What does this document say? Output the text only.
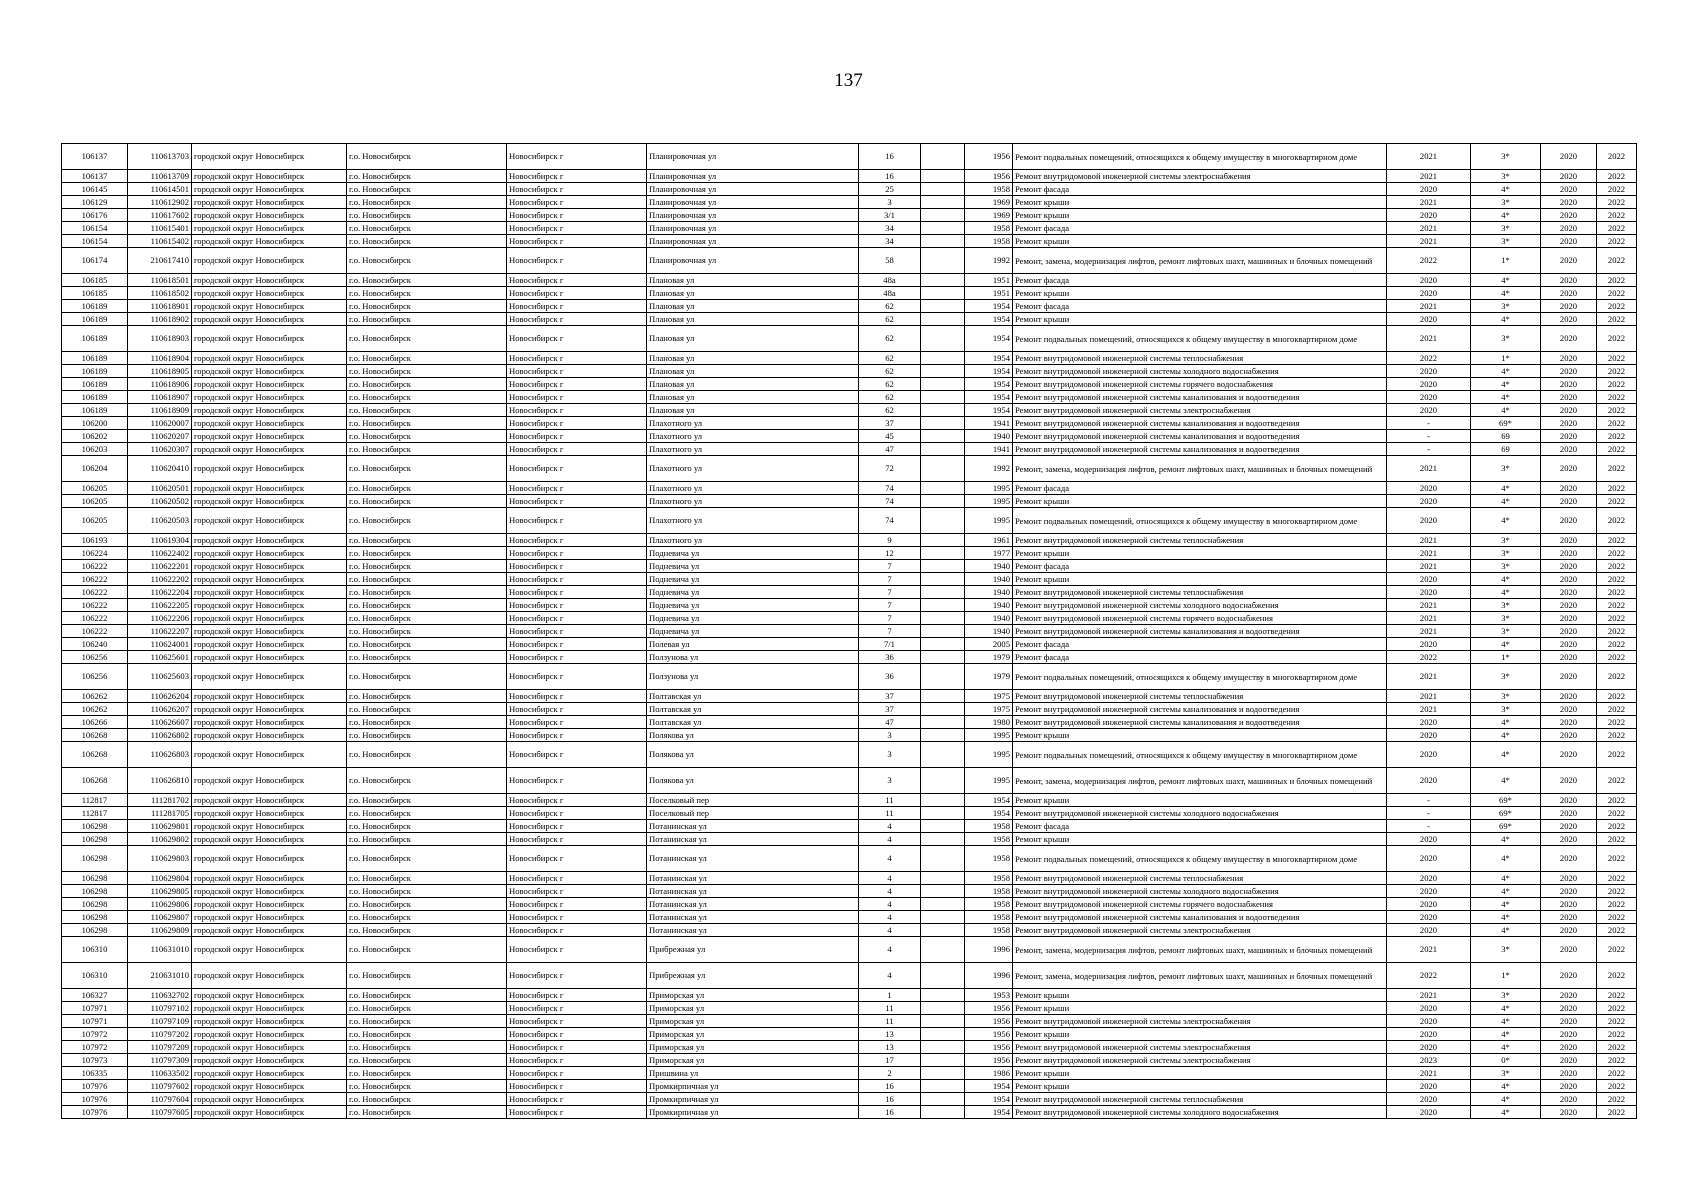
137
106137	110613703	городской округ Новосибирск	г.о. Новосибирск	Новосибирск г	Планировочная ул	16		1956	Ремонт подвальных помещений, относящихся к общему имуществу в многоквартирном доме	2021	3*	2020	2022
106137	110613709	городской округ Новосибирск	г.о. Новосибирск	Новосибирск г	Планировочная ул	16		1956	Ремонт внутридомовой инженерной системы электроснабжения	2021	3*	2020	2022
106145	110614501	городской округ Новосибирск	г.о. Новосибирск	Новосибирск г	Планировочная ул	25		1958	Ремонт фасада	2020	4*	2020	2022
106129	110612902	городской округ Новосибирск	г.о. Новосибирск	Новосибирск г	Планировочная ул	3		1969	Ремонт крыши	2021	3*	2020	2022
106176	110617602	городской округ Новосибирск	г.о. Новосибирск	Новосибирск г	Планировочная ул	3/1		1969	Ремонт крыши	2020	4*	2020	2022
106154	110615401	городской округ Новосибирск	г.о. Новосибирск	Новосибирск г	Планировочная ул	34		1958	Ремонт фасада	2021	3*	2020	2022
106154	110615402	городской округ Новосибирск	г.о. Новосибирск	Новосибирск г	Планировочная ул	34		1958	Ремонт крыши	2021	3*	2020	2022
106174	210617410	городской округ Новосибирск	г.о. Новосибирск	Новосибирск г	Планировочная ул	58		1992	Ремонт, замена, модернизация лифтов, ремонт лифтовых шахт, машинных и блочных помещений	2022	1*	2020	2022
106185	110618501	городской округ Новосибирск	г.о. Новосибирск	Новосибирск г	Плановая ул	48а		1951	Ремонт фасада	2020	4*	2020	2022
106185	110618502	городской округ Новосибирск	г.о. Новосибирск	Новосибирск г	Плановая ул	48а		1951	Ремонт крыши	2020	4*	2020	2022
106189	110618901	городской округ Новосибирск	г.о. Новосибирск	Новосибирск г	Плановая ул	62		1954	Ремонт фасада	2021	3*	2020	2022
106189	110618902	городской округ Новосибирск	г.о. Новосибирск	Новосибирск г	Плановая ул	62		1954	Ремонт крыши	2020	4*	2020	2022
106189	110618903	городской округ Новосибирск	г.о. Новосибирск	Новосибирск г	Плановая ул	62		1954	Ремонт подвальных помещений, относящихся к общему имуществу в многоквартирном доме	2021	3*	2020	2022
106189	110618904	городской округ Новосибирск	г.о. Новосибирск	Новосибирск г	Плановая ул	62		1954	Ремонт внутридомовой инженерной системы теплоснабжения	2022	1*	2020	2022
106189	110618905	городской округ Новосибирск	г.о. Новосибирск	Новосибирск г	Плановая ул	62		1954	Ремонт внутридомовой инженерной системы холодного водоснабжения	2020	4*	2020	2022
106189	110618906	городской округ Новосибирск	г.о. Новосибирск	Новосибирск г	Плановая ул	62		1954	Ремонт внутридомовой инженерной системы горячего водоснабжения	2020	4*	2020	2022
106189	110618907	городской округ Новосибирск	г.о. Новосибирск	Новосибирск г	Плановая ул	62		1954	Ремонт внутридомовой инженерной системы канализования и водоотведения	2020	4*	2020	2022
106189	110618909	городской округ Новосибирск	г.о. Новосибирск	Новосибирск г	Плановая ул	62		1954	Ремонт внутридомовой инженерной системы электроснабжения	2020	4*	2020	2022
106200	110620007	городской округ Новосибирск	г.о. Новосибирск	Новосибирск г	Плахотного ул	37		1941	Ремонт внутридомовой инженерной системы канализования и водоотведения	-	69*	2020	2022
106202	110620207	городской округ Новосибирск	г.о. Новосибирск	Новосибирск г	Плахотного ул	45		1940	Ремонт внутридомовой инженерной системы канализования и водоотведения	-	69	2020	2022
106203	110620307	городской округ Новосибирск	г.о. Новосибирск	Новосибирск г	Плахотного ул	47		1941	Ремонт внутридомовой инженерной системы канализования и водоотведения	-	69	2020	2022
106204	110620410	городской округ Новосибирск	г.о. Новосибирск	Новосибирск г	Плахотного ул	72		1992	Ремонт, замена, модернизация лифтов, ремонт лифтовых шахт, машинных и блочных помещений	2021	3*	2020	2022
106205	110620501	городской округ Новосибирск	г.о. Новосибирск	Новосибирск г	Плахотного ул	74		1995	Ремонт фасада	2020	4*	2020	2022
106205	110620502	городской округ Новосибирск	г.о. Новосибирск	Новосибирск г	Плахотного ул	74		1995	Ремонт крыши	2020	4*	2020	2022
106205	110620503	городской округ Новосибирск	г.о. Новосибирск	Новосибирск г	Плахотного ул	74		1995	Ремонт подвальных помещений, относящихся к общему имуществу в многоквартирном доме	2020	4*	2020	2022
106193	110619304	городской округ Новосибирск	г.о. Новосибирск	Новосибирск г	Плахотного ул	9		1961	Ремонт внутридомовой инженерной системы теплоснабжения	2021	3*	2020	2022
106224	110622402	городской округ Новосибирск	г.о. Новосибирск	Новосибирск г	Подневича ул	12		1977	Ремонт крыши	2021	3*	2020	2022
106222	110622201	городской округ Новосибирск	г.о. Новосибирск	Новосибирск г	Подневича ул	7		1940	Ремонт фасада	2021	3*	2020	2022
106222	110622202	городской округ Новосибирск	г.о. Новосибирск	Новосибирск г	Подневича ул	7		1940	Ремонт крыши	2020	4*	2020	2022
106222	110622204	городской округ Новосибирск	г.о. Новосибирск	Новосибирск г	Подневича ул	7		1940	Ремонт внутридомовой инженерной системы теплоснабжения	2020	4*	2020	2022
106222	110622205	городской округ Новосибирск	г.о. Новосибирск	Новосибирск г	Подневича ул	7		1940	Ремонт внутридомовой инженерной системы холодного водоснабжения	2021	3*	2020	2022
106222	110622206	городской округ Новосибирск	г.о. Новосибирск	Новосибирск г	Подневича ул	7		1940	Ремонт внутридомовой инженерной системы горячего водоснабжения	2021	3*	2020	2022
106222	110622207	городской округ Новосибирск	г.о. Новосибирск	Новосибирск г	Подневича ул	7		1940	Ремонт внутридомовой инженерной системы канализования и водоотведения	2021	3*	2020	2022
106240	110624001	городской округ Новосибирск	г.о. Новосибирск	Новосибирск г	Полевая ул	7/1		2005	Ремонт фасада	2020	4*	2020	2022
106256	110625601	городской округ Новосибирск	г.о. Новосибирск	Новосибирск г	Ползунова ул	36		1979	Ремонт фасада	2022	1*	2020	2022
106256	110625603	городской округ Новосибирск	г.о. Новосибирск	Новосибирск г	Ползунова ул	36		1979	Ремонт подвальных помещений, относящихся к общему имуществу в многоквартирном доме	2021	3*	2020	2022
106262	110626204	городской округ Новосибирск	г.о. Новосибирск	Новосибирск г	Полтавская ул	37		1975	Ремонт внутридомовой инженерной системы теплоснабжения	2021	3*	2020	2022
106262	110626207	городской округ Новосибирск	г.о. Новосибирск	Новосибирск г	Полтавская ул	37		1975	Ремонт внутридомовой инженерной системы канализования и водоотведения	2021	3*	2020	2022
106266	110626607	городской округ Новосибирск	г.о. Новосибирск	Новосибирск г	Полтавская ул	47		1980	Ремонт внутридомовой инженерной системы канализования и водоотведения	2020	4*	2020	2022
106268	110626802	городской округ Новосибирск	г.о. Новосибирск	Новосибирск г	Полякова ул	3		1995	Ремонт крыши	2020	4*	2020	2022
106268	110626803	городской округ Новосибирск	г.о. Новосибирск	Новосибирск г	Полякова ул	3		1995	Ремонт подвальных помещений, относящихся к общему имуществу в многоквартирном доме	2020	4*	2020	2022
106268	110626810	городской округ Новосибирск	г.о. Новосибирск	Новосибирск г	Полякова ул	3		1995	Ремонт, замена, модернизация лифтов, ремонт лифтовых шахт, машинных и блочных помещений	2020	4*	2020	2022
112817	111281702	городской округ Новосибирск	г.о. Новосибирск	Новосибирск г	Поселковый пер	11		1954	Ремонт крыши	-	69*	2020	2022
112817	111281705	городской округ Новосибирск	г.о. Новосибирск	Новосибирск г	Поселковый пер	11		1954	Ремонт внутридомовой инженерной системы холодного водоснабжения	-	69*	2020	2022
106298	110629801	городской округ Новосибирск	г.о. Новосибирск	Новосибирск г	Потанинская ул	4		1958	Ремонт фасада	-	69*	2020	2022
106298	110629802	городской округ Новосибирск	г.о. Новосибирск	Новосибирск г	Потанинская ул	4		1958	Ремонт крыши	2020	4*	2020	2022
106298	110629803	городской округ Новосибирск	г.о. Новосибирск	Новосибирск г	Потанинская ул	4		1958	Ремонт подвальных помещений, относящихся к общему имуществу в многоквартирном доме	2020	4*	2020	2022
106298	110629804	городской округ Новосибирск	г.о. Новосибирск	Новосибирск г	Потанинская ул	4		1958	Ремонт внутридомовой инженерной системы теплоснабжения	2020	4*	2020	2022
106298	110629805	городской округ Новосибирск	г.о. Новосибирск	Новосибирск г	Потанинская ул	4		1958	Ремонт внутридомовой инженерной системы холодного водоснабжения	2020	4*	2020	2022
106298	110629806	городской округ Новосибирск	г.о. Новосибирск	Новосибирск г	Потанинская ул	4		1958	Ремонт внутридомовой инженерной системы горячего водоснабжения	2020	4*	2020	2022
106298	110629807	городской округ Новосибирск	г.о. Новосибирск	Новосибирск г	Потанинская ул	4		1958	Ремонт внутридомовой инженерной системы канализования и водоотведения	2020	4*	2020	2022
106298	110629809	городской округ Новосибирск	г.о. Новосибирск	Новосибирск г	Потанинская ул	4		1958	Ремонт внутридомовой инженерной системы электроснабжения	2020	4*	2020	2022
106310	110631010	городской округ Новосибирск	г.о. Новосибирск	Новосибирск г	Прибрежная ул	4		1996	Ремонт, замена, модернизация лифтов, ремонт лифтовых шахт, машинных и блочных помещений	2021	3*	2020	2022
106310	210631010	городской округ Новосибирск	г.о. Новосибирск	Новосибирск г	Прибрежная ул	4		1996	Ремонт, замена, модернизация лифтов, ремонт лифтовых шахт, машинных и блочных помещений	2022	1*	2020	2022
106327	110632702	городской округ Новосибирск	г.о. Новосибирск	Новосибирск г	Приморская ул	1		1953	Ремонт крыши	2021	3*	2020	2022
107971	110797102	городской округ Новосибирск	г.о. Новосибирск	Новосибирск г	Приморская ул	11		1956	Ремонт крыши	2020	4*	2020	2022
107971	110797109	городской округ Новосибирск	г.о. Новосибирск	Новосибирск г	Приморская ул	11		1956	Ремонт внутридомовой инженерной системы электроснабжения	2020	4*	2020	2022
107972	110797202	городской округ Новосибирск	г.о. Новосибирск	Новосибирск г	Приморская ул	13		1956	Ремонт крыши	2020	4*	2020	2022
107972	110797209	городской округ Новосибирск	г.о. Новосибирск	Новосибирск г	Приморская ул	13		1956	Ремонт внутридомовой инженерной системы электроснабжения	2020	4*	2020	2022
107973	110797309	городской округ Новосибирск	г.о. Новосибирск	Новосибирск г	Приморская ул	17		1956	Ремонт внутридомовой инженерной системы электроснабжения	2023	0*	2020	2022
106335	110633502	городской округ Новосибирск	г.о. Новосибирск	Новосибирск г	Пришвина ул	2		1986	Ремонт крыши	2021	3*	2020	2022
107976	110797602	городской округ Новосибирск	г.о. Новосибирск	Новосибирск г	Промкирпичная ул	16		1954	Ремонт крыши	2020	4*	2020	2022
107976	110797604	городской округ Новосибирск	г.о. Новосибирск	Новосибирск г	Промкирпичная ул	16		1954	Ремонт внутридомовой инженерной системы теплоснабжения	2020	4*	2020	2022
107976	110797605	городской округ Новосибирск	г.о. Новосибирск	Новосибирск г	Промкирпичная ул	16		1954	Ремонт внутридомовой инженерной системы холодного водоснабжения	2020	4*	2020	2022
